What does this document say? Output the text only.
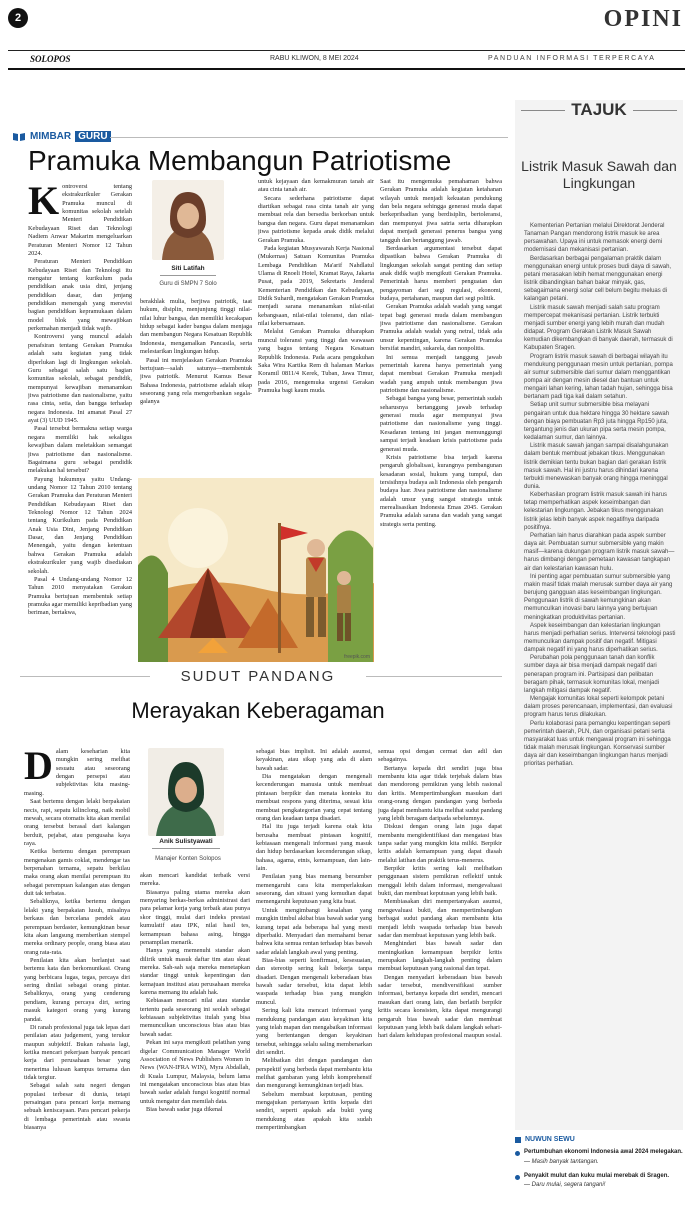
2	OPINI
SOLOPOS	RABU KLIWON, 8 MEI 2024	PANDUAN INFORMASI TERPERCAYA
MIMBAR GURU
Pramuka Membangun Patriotisme
K ontroversi tentang ekstrakurikuler Gerakan Pramuka muncul di komunitas sekolah setelah Menteri Pendidikan Kebudayaan Riset dan Teknologi Nadiem Anwar Makarim mengeluarkan Peraturan Menteri Nomor 12 Tahun 2024.

Peraturan Menteri Pendidikan Kebudayaan Riset dan Teknologi itu mengatur tentang kurikulum pada pendidikan anak usia dini, jenjang pendidikan dasar, dan jenjang pendidikan menengah yang merevisi bagian pendidikan kepramukaan dalam model blok yang mewajibkan perkemahan menjadi tidak wajib.

Kontroversi yang muncul adalah penafsiran tentang Gerakan Pramuka adalah satu kegiatan yang tidak diperlukan lagi di lingkungan sekolah. Guru sebagai salah satu bagian komunitas sekolah, sebagai pendidik, mempunyai kewajiban menanamkan jiwa patriotisme dan nasionalisme, yaitu rasa cinta, setia, dan bangga terhadap negara Indonesia. Ini amanat Pasal 27 ayat (3) UUD 1945.

Pasal tersebut bermakna setiap warga negara memiliki hak sekaligus kewajiban dalam meletakkan semangat jiwa patriotisme dan nasionalisme. Bagaimana guru sebagai pendidik melakukan hal tersebut?

Payung hukumnya yaitu Undang-undang Nomor 12 Tahun 2010 tentang Gerakan Pramuka dan Peraturan Menteri Pendidikan Kebudayaan Riset dan Teknologi Nomor 12 Tahun 2024 tentang Kurikulum pada Pendidikan Anak Usia Dini, Jenjang Pendidikan Dasar, dan Jenjang Pendidikan Menengah, yaitu dengan ketentuan bahwa Gerakan Pramuka adalah ekstrakurikuler yang wajib disediakan sekolah.

Pasal 4 Undang-undang Nomor 12 Tahun 2010 menyatakan Gerakan Pramuka bertujuan membentuk setiap pramuka agar memiliki kepribadian yang beriman, bertakwa,

Siti Latifah
Guru di SMPN 7 Solo

berakhlak mulia, berjiwa patriotik, taat hukum, disiplin, menjunjung tinggi nilai-nilai luhur bangsa, dan memiliki kecakapan hidup sebagai kader bangsa dalam menjaga dan membangun Negara Kesatuan Republik Indonesia, mengamalkan Pancasila, serta melestarikan lingkungan hidup.

Pasal ini menjelaskan Gerakan Pramuka bertujuan—salah satunya—membentuk jiwa patriotik. Menurut Kamus Besar Bahasa Indonesia, patriotisme adalah sikap seseorang yang rela mengorbankan segala-galanya

untuk kejayaan dan kemakmuran tanah air atau cinta tanah air.

Secara sederhana patriotisme dapat diartikan sebagai rasa cinta tanah air yang membuat rela dan bersedia berkorban untuk bangsa dan negara. Guru dapat menanamkan jiwa patriotisme kepada anak didik melalui Gerakan Pramuka.

Pada kegiatan Musyawarah Kerja Nasional (Mukernas) Satuan Komunitas Pramuka Lembaga Pendidikan Ma'arif Nahdlatul Ulama di Rnoeli Hotel, Kramat Raya, Jakarta Pusat, pada 2019, Sekretaris Jenderal Kementerian Pendidikan dan Kebudayaan, Didik Suhardi, mengatakan Gerakan Pramuka menjadi sarana menanamkan nilai-nilai kebangsaan, nilai-nilai toleransi, dan nilai-nilai kebersamaan.

Melalui Gerakan Pramuka diharapkan muncul toleransi yang tinggi dan wawasan yang bagus tentang Negara Kesatuan Republik Indonesia. Pada acara pengukuhan Saka Wira Kartika Rem di halaman Markas Koramil 0811/4 Kerek, Tuban, Jawa Timur, pada 2016, mengemuka urgensi Gerakan Pramuka bagi kaum muda.

Saat itu mengemuka pemahaman bahwa Gerakan Pramuka adalah kegiatan ketahanan wilayah untuk menjadi kekuatan pendukung dan bela negara sehingga generasi muda dapat berkepribadian yang berdisiplin, bertoleransi, dan mempunyai jiwa satria serta diharapkan dapat menjadi generasi penerus bangsa yang tangguh dan bertanggung jawab.

Berdasarkan argumentasi tersebut dapat dipastikan bahwa Gerakan Pramuka di lingkungan sekolah sangat penting dan setiap anak didik wajib mengikuti Gerakan Pramuka. Pemerintah harus memberi penguatan dan pengayoman dari segi regulasi, ekonomi, budaya, pertahanan, maupun dari segi politik.

Gerakan Pramuka adalah wadah yang sangat tepat bagi generasi muda dalam membangun jiwa patriotisme dan nasionalisme. Gerakan Pramuka adalah wadah yang netral, tidak ada unsur kepentingan, karena Gerakan Pramuka bersifat mandiri, sukarela, dan nonpolitis.

Ini semua menjadi tanggung jawab pemerintah karena hanya pemerintah yang dapat membuat Gerakan Pramuka menjadi wadah yang ampuh untuk membangun jiwa patriotisme dan nasionalisme.

Sebagai bangsa yang besar, pemerintah sudah seharusnya bertanggung jawab terhadap generasi muda agar mempunyai jiwa patriotisme dan nasionalisme yang tinggi. Kesadaran tentang ini jangan memunggungi sampai terjadi keadaan krisis patriotisme pada generasi muda.

Krisis patriotisme bisa terjadi karena pengaruh globalisasi, kurangnya pembangunan kesadaran sosial, hukum yang tumpul, dan tersisihnya budaya asli Indonesia oleh pengaruh budaya luar. Jiwa patriotisme dan nasionalisme adalah unsur yang sangat strategis untuk merealisasikan Indonesia Emas 2045. Gerakan Pramuka adalah sarana dan wadah yang sangat strategis serta penting.

freepik.com
SUDUT PANDANG
Merayakan Keberagaman
D alam keseharian kita mungkin sering melihat sesuatu atau seseorang dengan persepsi atau subjektivitas kita masing-masing.

Saat bertemu dengan lelaki berpakaian necis, rapi, sepatu kilinclong, naik mobil mewah, secara otomatis kita akan menilai orang tersebut berasal dari kalangan berduit, pejabat, atau pengusaha kaya raya.

Ketika bertemu dengan perempuan mengenakan gamis coklat, mendengar tas berpenahan ternama, sepatu berkilau maka orang akan menilai perempuan itu sebagai perempuan kalangan atas dengan duit tak terbatas.

Sebaliknya, ketika bertemu dengan lelaki yang berpakaian lusuh, misalnya berkaus dan bercelana pendek atau perempuan berdaster, kemungkinan besar kita akan langsung memberikan stempel mereka ordinary people, orang biasa atau orang rata-rata.

Penilaian kita akan berlanjut saat bertemu kata dan berkomunikasi. Orang yang berbicara lugas, tegas, percaya diri sering dinilai sebagai orang pintar. Sebaliknya, orang yang cenderung pendiam, kurang percaya diri, sering masuk kategori orang yang kurang pandai.

Di ranah profesional juga tak lepas dari penilaian atau judgement, yang terukur maupun subjektif. Bukan rahasia lagi, ketika mencari pekerjaan banyak pencari kerja dari perusahaan besar yang menerima lulusan kampus ternama dan tidak tergiur.

Sebagai salah satu negeri dengan populasi terbesar di dunia, tetapi persaingan para pencari kerja memang sebuah keniscayaan. Para pencari pekerja di lembaga pemerintah atau swasta biasanya

Anik Sulistyawati
Manajer Konten Solopos

akan mencari kandidat terbaik versi mereka.

Biasanya paling utama mereka akan menyaring berkas-berkas administrasi dari para pelamar kerja yang terbaik atau punya skor tinggi, mulai dari indeks prestasi kumulatif atau IPK, nilai hasil tes, kemampuan bahasa asing, hingga penampilan menarik.

Hanya yang memenuhi standar akan dilirik untuk masuk daftar tim atau skuat mereka. Sah-sah saja mereka menetapkan standar tinggi untuk kepentingan dan kemajuan institusi atau perusahaan mereka karena memang itu adalah hak.

Kebiasaan mencari nilai atau standar tertentu pada seseorang ini seolah sebagai kebiasaan subjektivitas itulah yang bisa memunculkan unconscious bias atau bias bawah sadar.

Pekan ini saya mengikuti pelatihan yang digelar Communication Manager World Association of News Publishers Women in News (WAN-IFRA WIN), Myra Abdallah, di Kuala Lumpur, Malaysia, belum lama ini mengatakan unconscious bias atau bias bawah sadar adalah fungsi kognitif normal untuk mengatur dan memilah data.

Bias bawah sadar juga dikenal

sebagai bias implisit. Ini adalah asumsi, keyakinan, atau sikap yang ada di alam bawah sadar.

Dia mengatakan dengan mengenali kecenderungan manusia untuk membuat pintasan berpikir dan menata konteks itu membuat respons yang diterima, sesuai kita membuat pengkategorian yang cepat tentang orang dan keadaan tanpa disadari.

Hal itu juga terjadi karena otak kita berusaha membuat pintasan kognitif, kebiasaan mengenali informasi yang masuk dan hidup berdasarkan kecenderungan sikap, bahasa, agama, etnis, kemampuan, dan lain-lain.

Penilaian yang bias memang bersumber memengaruhi cara kita memperlakukan seseorang, dan situasi yang kemudian dapat memengaruhi keputusan yang kita buat.

Untuk mengimbangi kesalahan yang mungkin timbul akibat bias bawah sadar yang kurang tepat ada beberapa hal yang mesti diperbaiki. Menyadari dan memahami benar bahwa kita semua rentan terhadap bias bawah sadar adalah langkah awal yang penting.

Bias-bias seperti konfirmasi, kesesuaian, dan stereotip sering kali bekerja tanpa disadari. Dengan mengenali keberadaan bias bawah sadar tersebut, kita dapat lebih waspada terhadap bias yang mungkin muncul.

Sering kali kita mencari informasi yang mendukung pandangan atau keyakinan kita yang telah mapan dan mengabaikan informasi yang bertentangan dengan keyakinan tersebut, sehingga selalu saling membenarkan diri sendiri.

Melibatkan diri dengan pandangan dan perspektif yang berbeda dapat membantu kita melihat gambaran yang lebih komprehensif dan mengurangi kemungkinan terjadi bias.

Sebelum membuat keputusan, penting mengajukan pertanyaan kritis kepada diri sendiri, seperti apakah ada bukti yang mendukung atau apakah kita sudah mempertimbangkan

semua opsi dengan cermat dan adil dan sebagainya.

Bertanya kepada diri sendiri juga bisa membantu kita agar tidak terjebak dalam bias dan mendorong pemikiran yang lebih rasional dan kritis. Mempertimbangkan masukan dari orang-orang dengan pandangan yang berbeda juga dapat membantu kita melihat sudut pandang yang lebih beragam daripada sebelumnya.

Diskusi dengan orang lain juga dapat membantu mengidentifikasi dan mengatasi bias tanpa sadar yang mungkin kita miliki. Berpikir kritis adalah kemampuan yang dapat diasah melalui latihan dan praktik terus-menerus.

Berpikir kritis sering kali melibatkan penggunaan sistem pemikiran reflektif untuk menggali lebih dalam informasi, mengevaluasi bukti, dan membuat keputusan yang lebih baik.

Membiasakan diri mempertanyakan asumsi, mengevaluasi bukti, dan mempertimbangkan berbagai sudut pandang akan membantu kita menjadi lebih waspada terhadap bias bawah sadar dan membuat keputusan yang lebih baik.

Menghindari bias bawah sadar dan meningkatkan kemampuan berpikir kritis merupakan langkah-langkah penting dalam membuat keputusan yang rasional dan tepat.

Dengan menyadari keberadaan bias bawah sadar tersebut, mendiversifikasi sumber informasi, bertanya kepada diri sendiri, mencari masukan dari orang lain, dan berlatih berpikir kritis secara konsisten, kita dapat mengurangi pengaruh bias bawah sadar dan membuat keputusan yang lebih baik dalam langkah sehari-hari dalam kehidupan profesional maupun sosial.

TAJUK
Listrik Masuk Sawah dan Lingkungan

Kementerian Pertanian melalui Direktorat Jenderal Tanaman Pangan mendorong listrik masuk ke area persawahan. Upaya ini untuk memasok energi demi modernisasi dan mekanisasi pertanian.

Berdasarkan berbagai pengalaman praktik dalam menggunakan energi untuk proses budi daya di sawah, petani merasakan lebih hemat menggunakan energi listrik dibandingkan bahan bakar minyak, gas, sebagaimana energi solar cell belum begitu meluas di kalangan petani.

Listrik masuk sawah menjadi salah satu program mempercepat mekanisasi pertanian. Listrik terbukti menjadi sumber energi yang lebih murah dan mudah didapat. Program Gerakan Listrik Masuk Sawah kemudian dikembangkan di banyak daerah, termasuk di Kabupaten Sragen.

Program listrik masuk sawah di berbagai wilayah itu mendukung penggunaan mesin untuk pertanian, pompa air sumur submersible dari sumur dalam menggantikan pompa air dengan mesin diesel dan bantuan untuk mengairi lahan kering, lahan tadah hujan, sehingga bisa bertanam padi tiga kali dalam setahun.

Setiap unit sumur submersible bisa melayani pengairan untuk dua hektare hingga 30 hektare sawah dengan biaya pembuatan Rp3 juta hingga Rp150 juta, tergantung jenis dan ukuran pipa serta mesin pompa, kedalaman sumur, dan lainnya.

Listrik masuk sawah jangan sampai disalahgunakan dalam bentuk membuat jebakan tikus. Menggunakan listrik demikian tentu bukan bagian dari gerakan listrik masuk sawah. Hal ini justru harus dihindari karena terbukti menewaskan banyak orang hingga meninggal dunia.

Keberhasilan program listrik masuk sawah ini harus tetap memperhatikan aspek keseimbangan dan kelestarian lingkungan. Jebakan tikus menggunakan listrik jelas lebih banyak aspek negatifnya daripada positifnya.

Perhatian lain harus diarahkan pada aspek sumber daya air. Pembuatan sumur submersible yang makin masif—karena dukungan program listrik masuk sawah—harus dimbangi dengan pemetaan kawasan tangkapan air dan kelestarian kawasan hulu.

Ini penting agar pembuatan sumur submersible yang makin masif tidak malah merusak sumber daya air yang berujung gangguan atas keseimbangan lingkungan. Penggunaan listrik di sawah kemungkinan akan memunculkan inovasi baru lainnya yang bertujuan meningkatkan produktivitas pertanian.

Aspek keseimbangan dan kelestarian lingkungan harus menjadi perhatian serius. Intervensi teknologi pasti memunculkan dampak positif dan negatif. Mitigasi dampak negatif ini yang harus diperhatikan serius.

Perubahan pola penggunaan tanah dan konflik sumber daya air bisa menjadi dampak negatif dari penerapan program ini. Partisipasi dan pelibatan beragam pihak, termasuk komunitas lokal, menjadi langkah mitigasi dampak negatif.

Mengajak komunitas lokal seperti kelompok petani dalam proses perencanaan, implementasi, dan evaluasi program harus terus dilakukan.

Perlu kolaborasi para pemangku kepentingan seperti pemerintah daerah, PLN, dan organisasi petani serta masyarakat luas untuk mengawal program ini sehingga tidak malah merusak lingkungan. Konservasi sumber daya air dan keseimbangan lingkungan harus menjadi prioritas perhatian.

NUWUN SEWU
Pertumbuhan ekonomi Indonesia awal 2024 melegakan.
— Masih banyak tantangan.
Penyakit mulut dan kuku mulai merebak di Sragen.
— Daru mulai, segera tangani!
